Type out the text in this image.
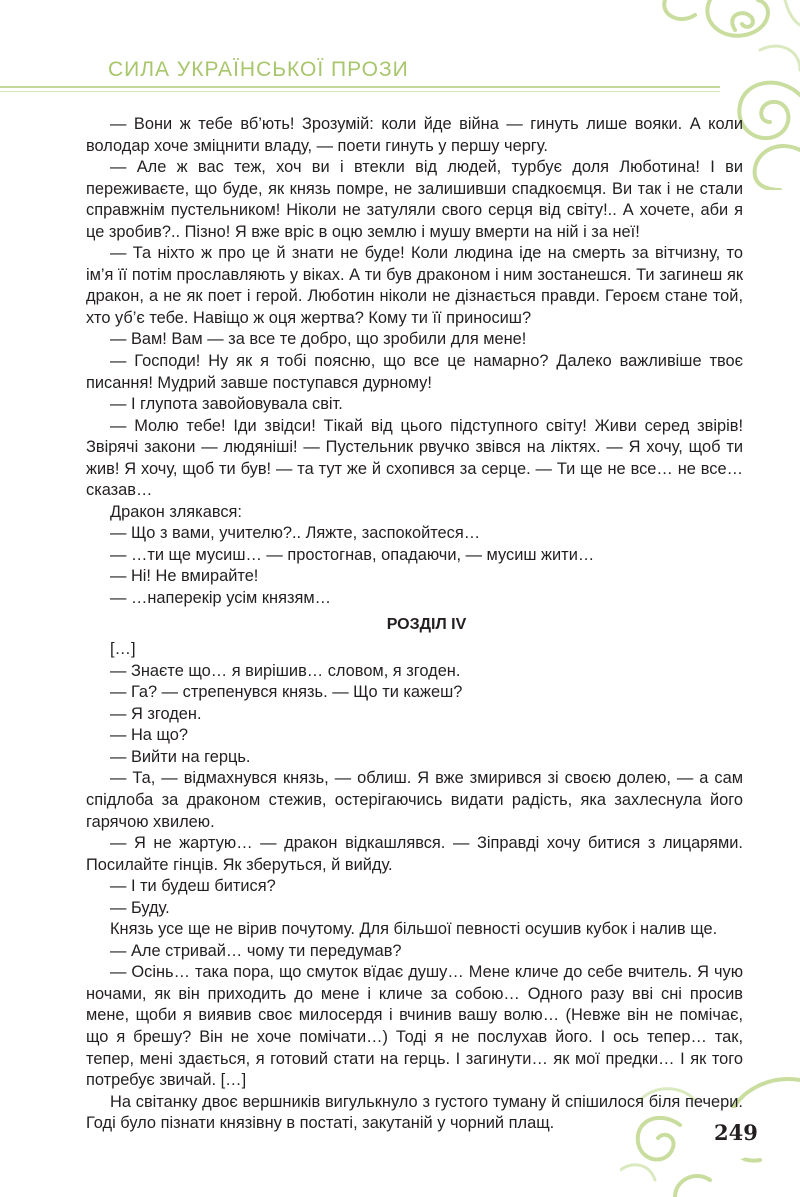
СИЛА УКРАЇНСЬКОЇ ПРОЗИ

— Вони ж тебе вб’ють! Зрозумій: коли йде війна — гинуть лише вояки. А коли володар хоче зміцнити владу, — поети гинуть у першу чергу.

— Але ж вас теж, хоч ви і втекли від людей, турбує доля Люботина! І ви переживаєте, що буде, як князь помре, не залишивши спадкоємця. Ви так і не стали справжнім пустельником! Ніколи не затуляли свого серця від світу!.. А хочете, аби я це зробив?.. Пізно! Я вже вріс в оцю землю і мушу вмерти на ній і за неї!

— Та ніхто ж про це й знати не буде! Коли людина іде на смерть за вітчизну, то ім’я її потім прославляють у віках. А ти був драконом і ним зостанешся. Ти загинеш як дракон, а не як поет і герой. Люботин ніколи не дізнається правди. Героєм стане той, хто уб’є тебе. Навіщо ж оця жертва? Кому ти її приносиш?

— Вам! Вам — за все те добро, що зробили для мене!

— Господи! Ну як я тобі поясню, що все це намарно? Далеко важливіше твоє писання! Мудрий завше поступався дурному!

— І глупота завойовувала світ.

— Молю тебе! Іди звідси! Тікай від цього підступного світу! Живи серед звірів! Звірячі закони — людяніші! — Пустельник рвучко звівся на ліктях. — Я хочу, щоб ти жив! Я хочу, щоб ти був! — та тут же й схопився за серце. — Ти ще не все… не все… сказав…

Дракон злякався:

— Що з вами, учителю?.. Ляжте, заспокойтеся…

— …ти ще мусиш… — простогнав, опадаючи, — мусиш жити…

— Ні! Не вмирайте!

— …наперекір усім князям…

РОЗДІЛ IV

[…]

— Знаєте що… я вирішив… словом, я згоден.

— Га? — стрепенувся князь. — Що ти кажеш?

— Я згоден.

— На що?

— Вийти на герць.

— Та, — відмахнувся князь, — облиш. Я вже змирився зі своєю долею, — а сам спідлоба за драконом стежив, остерігаючись видати радість, яка захлеснула його гарячою хвилею.

— Я не жартую… — дракон відкашлявся. — Зіправді хочу битися з лицарями. Посилайте гінців. Як зберуться, й вийду.

— І ти будеш битися?

— Буду.

Князь усе ще не вірив почутому. Для більшої певності осушив кубок і налив ще.

— Але стривай… чому ти передумав?

— Осінь… така пора, що смуток вїдає душу… Мене кличе до себе вчитель. Я чую ночами, як він приходить до мене і кличе за собою… Одного разу вві сні просив мене, щоби я виявив своє милосердя і вчинив вашу волю… (Невже він не помічає, що я брешу? Він не хоче помічати…) Тоді я не послухав його. І ось тепер… так, тепер, мені здається, я готовий стати на герць. І загинути… як мої предки… І як того потребує звичай. […]

На світанку двоє вершників вигулькнуло з густого туману й спішилося біля печери. Годі було пізнати князівну в постаті, закутаній у чорний плащ.	249
